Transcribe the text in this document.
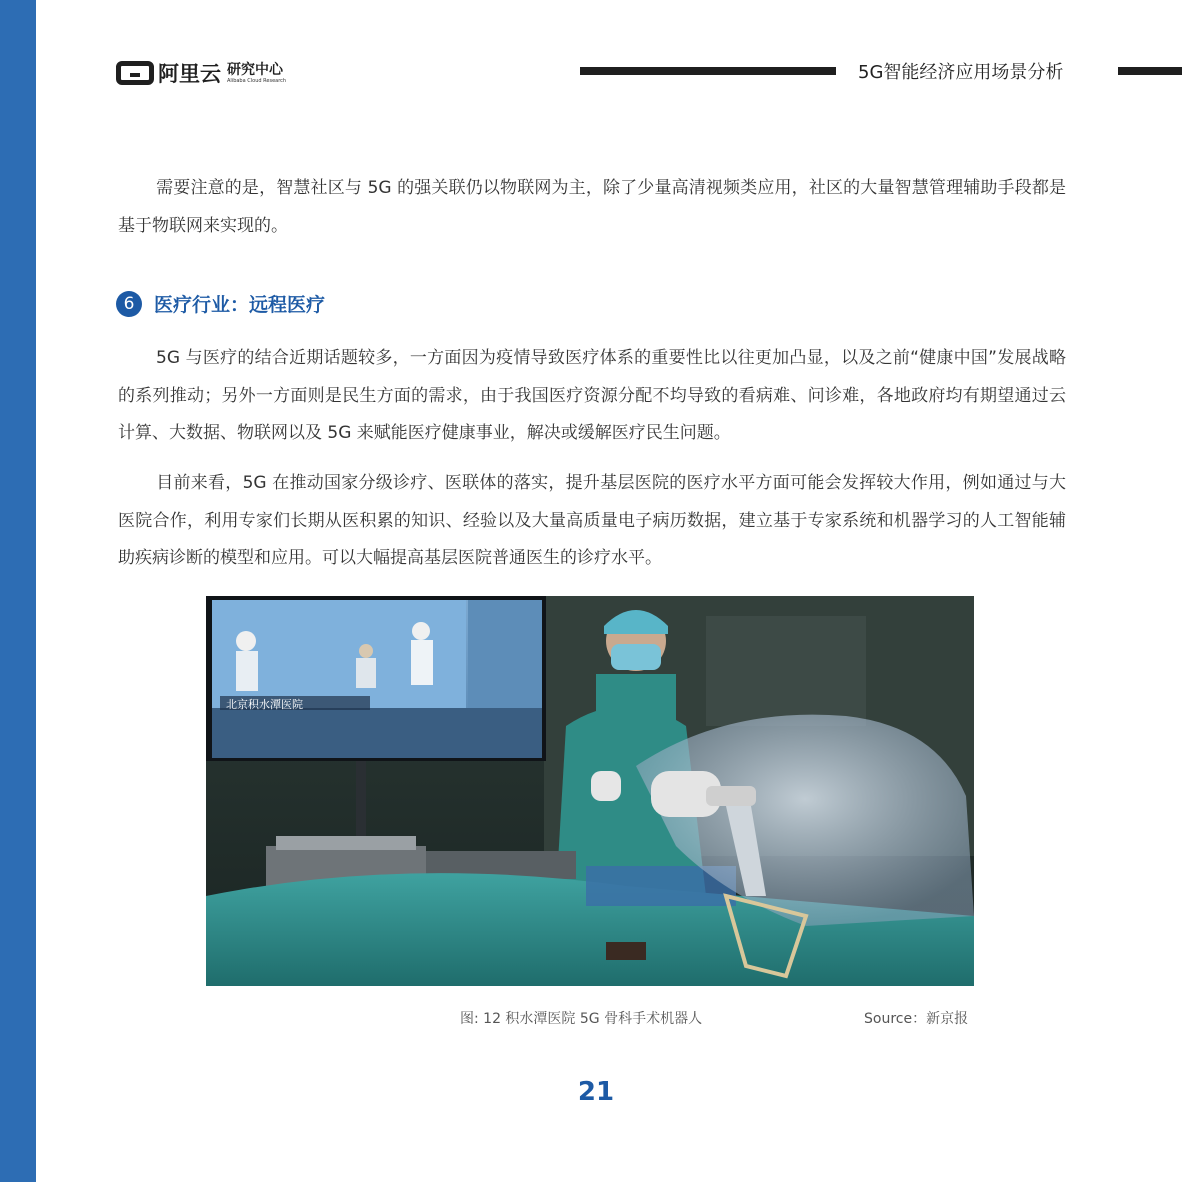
阿里云 研究中心
Alibaba Cloud Research	5G智能经济应用场景分析
需要注意的是，智慧社区与 5G 的强关联仍以物联网为主，除了少量高清视频类应用，社区的大量智慧管理辅助手段都是基于物联网来实现的。
6	医疗行业：远程医疗
5G 与医疗的结合近期话题较多，一方面因为疫情导致医疗体系的重要性比以往更加凸显，以及之前“健康中国”发展战略的系列推动；另外一方面则是民生方面的需求，由于我国医疗资源分配不均导致的看病难、问诊难，各地政府均有期望通过云计算、大数据、物联网以及 5G 来赋能医疗健康事业，解决或缓解医疗民生问题。
目前来看，5G 在推动国家分级诊疗、医联体的落实，提升基层医院的医疗水平方面可能会发挥较大作用，例如通过与大医院合作，利用专家们长期从医积累的知识、经验以及大量高质量电子病历数据，建立基于专家系统和机器学习的人工智能辅助疾病诊断的模型和应用。可以大幅提高基层医院普通医生的诊疗水平。
北京积水潭医院
图: 12 积水潭医院 5G 骨科手术机器人	Source：新京报
21
